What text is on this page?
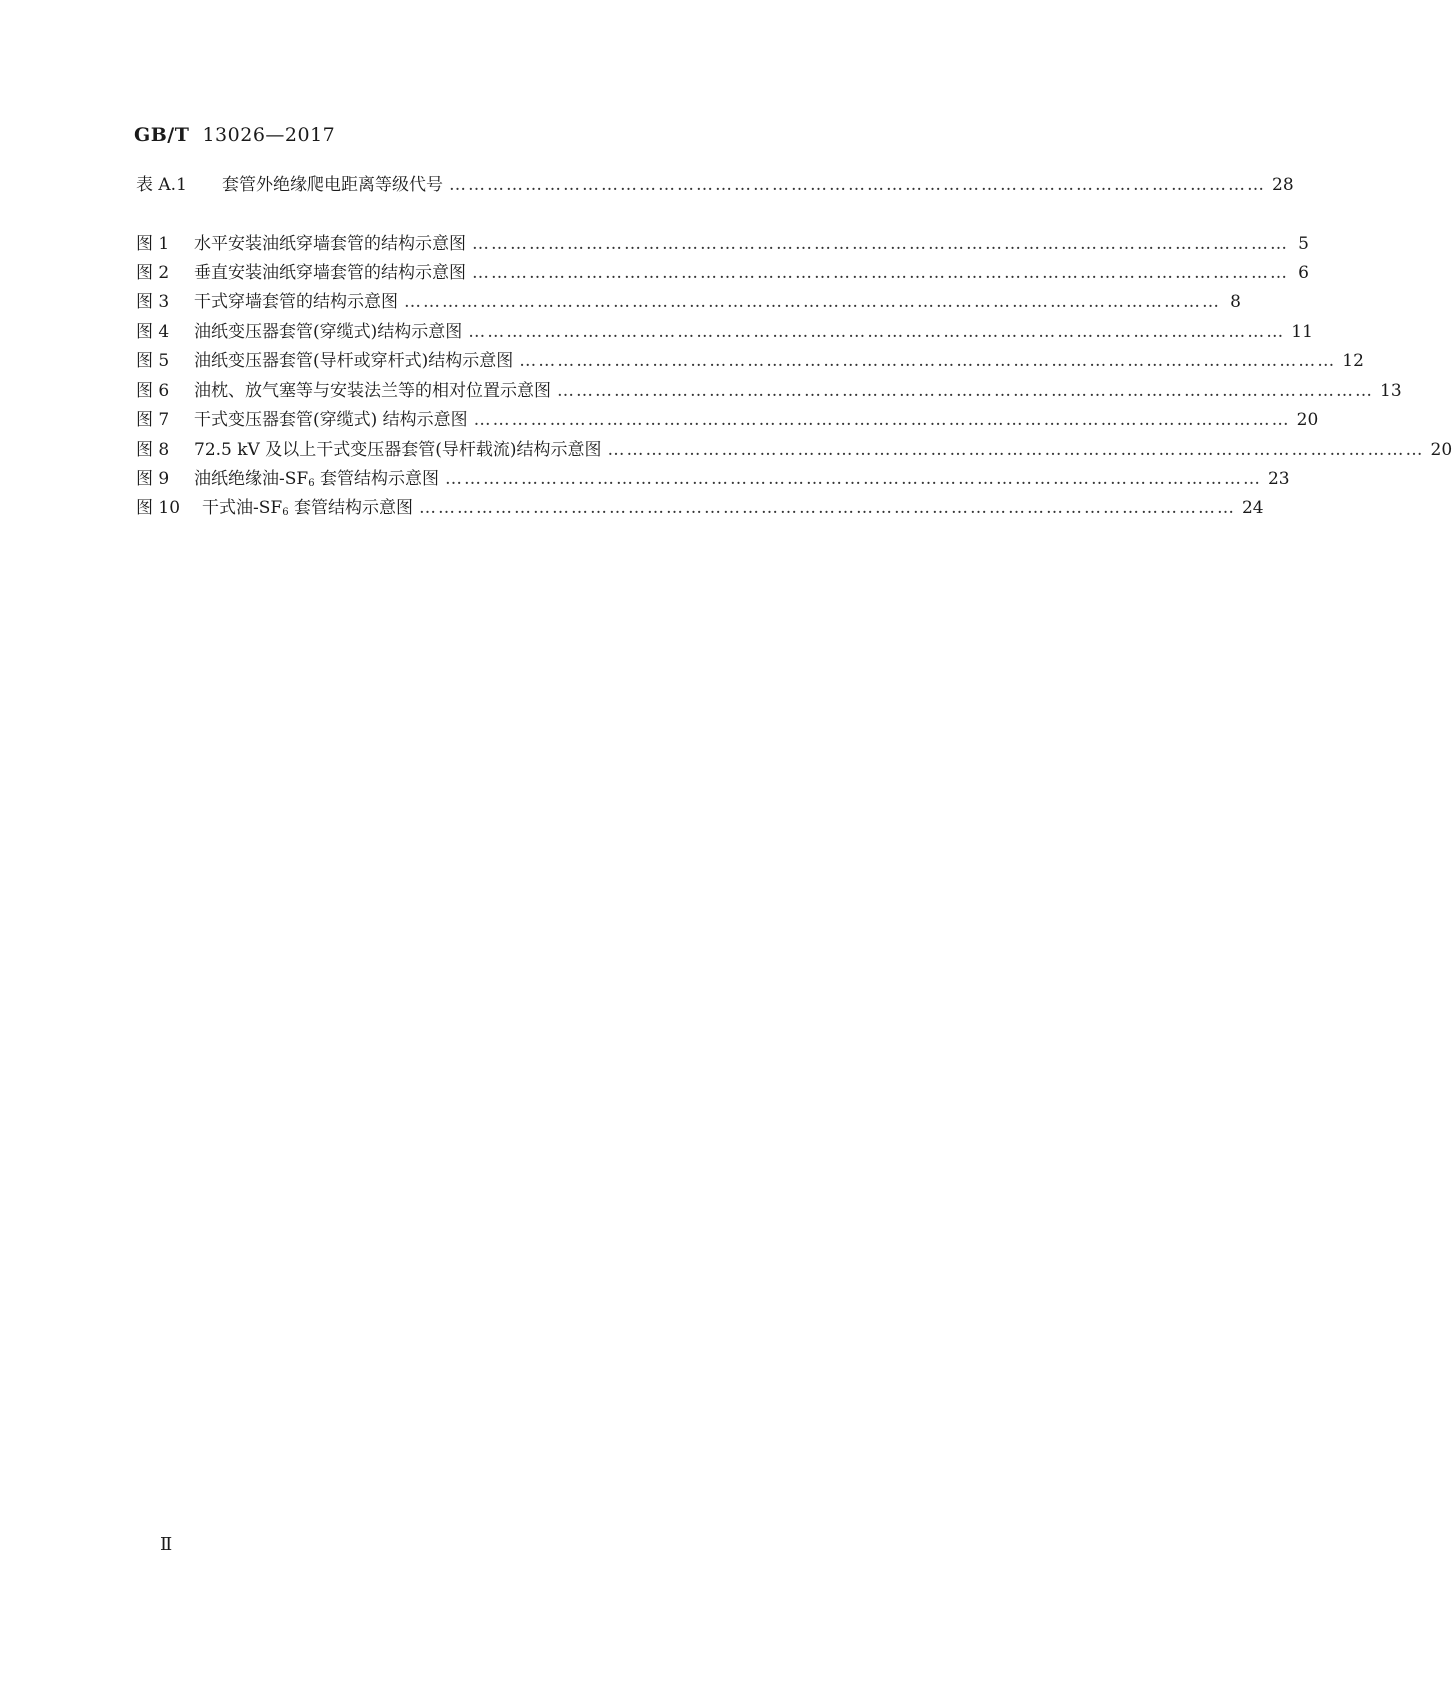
GB/T 13026—2017
表 A.1	套管外绝缘爬电距离等级代号 ………………………………………………………………………………………………………………… 28
图 1	水平安装油纸穿墙套管的结构示意图 ………………………………………………………………………………………………………………… 5
图 2	垂直安装油纸穿墙套管的结构示意图 ………………………………………………………………………………………………………………… 6
图 3	干式穿墙套管的结构示意图 ………………………………………………………………………………………………………………… 8
图 4	油纸变压器套管(穿缆式)结构示意图 ………………………………………………………………………………………………………………… 11
图 5	油纸变压器套管(导杆或穿杆式)结构示意图 ………………………………………………………………………………………………………………… 12
图 6	油枕、放气塞等与安装法兰等的相对位置示意图 ………………………………………………………………………………………………………………… 13
图 7	干式变压器套管(穿缆式) 结构示意图 ………………………………………………………………………………………………………………… 20
图 8	72.5 kV 及以上干式变压器套管(导杆载流)结构示意图 ………………………………………………………………………………………………………………… 20
图 9	油纸绝缘油$-SF_6$ 套管结构示意图 ………………………………………………………………………………………………………………… 23
图 10	干式油$-SF_6$ 套管结构示意图 ………………………………………………………………………………………………………………… 24
Ⅱ
